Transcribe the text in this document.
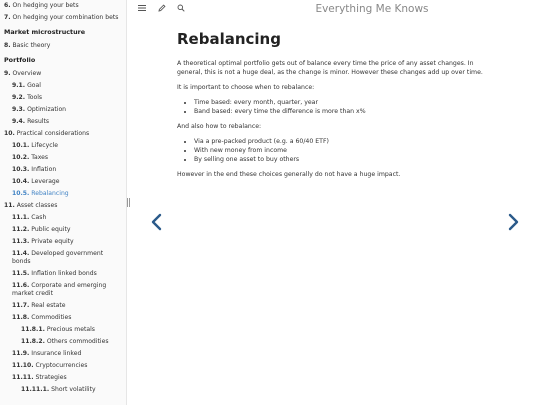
6. On hedging your bets
7. On hedging your combination bets
Market microstructure
8. Basic theory
Portfolio
9. Overview
9.1. Goal
9.2. Tools
9.3. Optimization
9.4. Results
10. Practical considerations
10.1. Lifecycle
10.2. Taxes
10.3. Inflation
10.4. Leverage
10.5. Rebalancing
11. Asset classes
11.1. Cash
11.2. Public equity
11.3. Private equity
11.4. Developed government bonds
11.5. Inflation linked bonds
11.6. Corporate and emerging market credit
11.7. Real estate
11.8. Commodities
11.8.1. Precious metals
11.8.2. Others commodities
11.9. Insurance linked
11.10. Cryptocurrencies
11.11. Strategies
11.11.1. Short volatility
Everything Me Knows
Rebalancing

A theoretical optimal portfolio gets out of balance every time the price of any asset changes. In general, this is not a huge deal, as the change is minor. However these changes add up over time.

It is important to choose when to rebalance:

• Time based: every month, quarter, year
• Band based: every time the difference is more than x%

And also how to rebalance:

• Via a pre-packed product (e.g. a 60/40 ETF)
• With new money from income
• By selling one asset to buy others

However in the end these choices generally do not have a huge impact.
